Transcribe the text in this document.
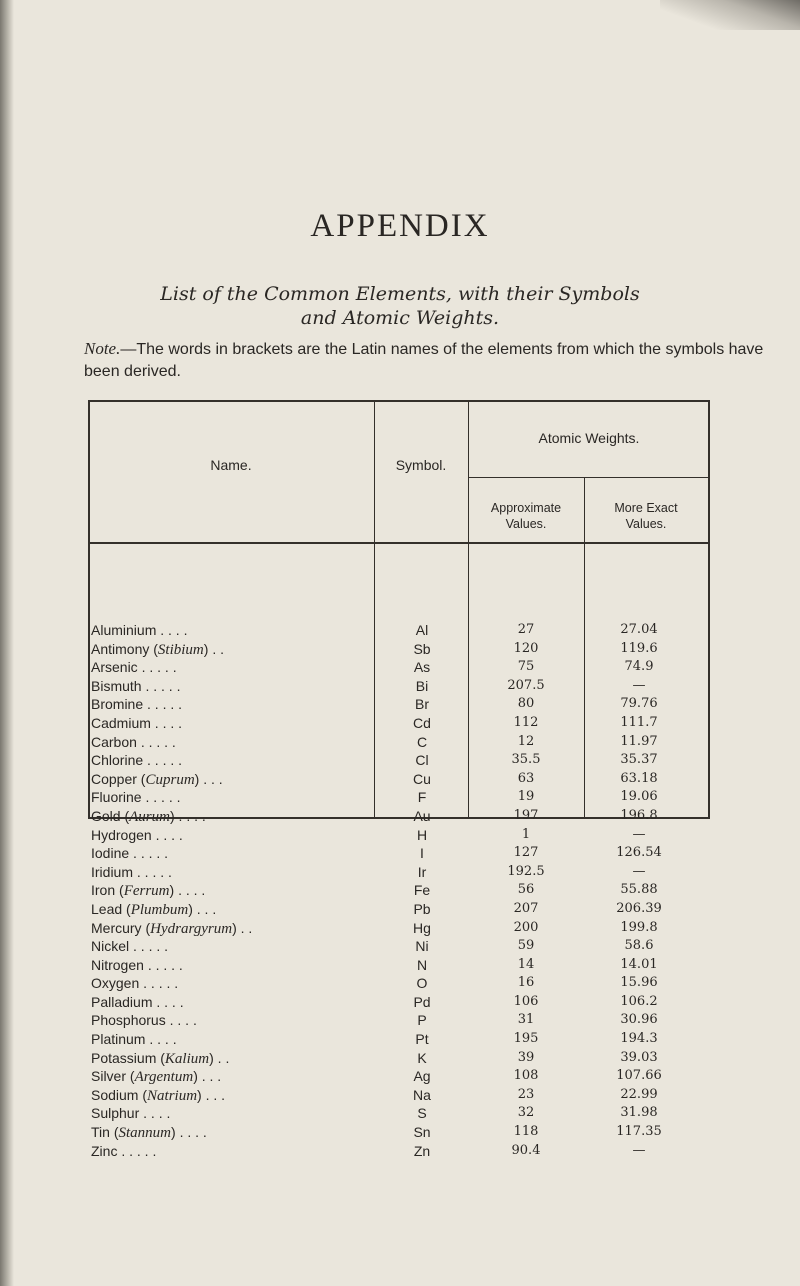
APPENDIX
List of the Common Elements, with their Symbols
and Atomic Weights.
Note.—The words in brackets are the Latin names of the elements from which the symbols have been derived.
Name.	Symbol.
Atomic Weights.
Approximate
Values.
More Exact
Values.
Aluminium . . . .	Al	27	27.04
Antimony (Stibium) . .	Sb	120	119.6
Arsenic . . . . .	As	75	74.9
Bismuth . . . . .	Bi	207.5	—
Bromine . . . . .	Br	80	79.76
Cadmium . . . .	Cd	112	111.7
Carbon . . . . .	C	12	11.97
Chlorine . . . . .	Cl	35.5	35.37
Copper (Cuprum) . . .	Cu	63	63.18
Fluorine . . . . .	F	19	19.06
Gold (Aurum) . . . .	Au	197	196.8
Hydrogen . . . .	H	1	—
Iodine . . . . .	I	127	126.54
Iridium . . . . .	Ir	192.5	—
Iron (Ferrum) . . . .	Fe	56	55.88
Lead (Plumbum) . . .	Pb	207	206.39
Mercury (Hydrargyrum) . .	Hg	200	199.8
Nickel . . . . .	Ni	59	58.6
Nitrogen . . . . .	N	14	14.01
Oxygen . . . . .	O	16	15.96
Palladium . . . .	Pd	106	106.2
Phosphorus . . . .	P	31	30.96
Platinum . . . .	Pt	195	194.3
Potassium (Kalium) . .	K	39	39.03
Silver (Argentum) . . .	Ag	108	107.66
Sodium (Natrium) . . .	Na	23	22.99
Sulphur . . . .	S	32	31.98
Tin (Stannum) . . . .	Sn	118	117.35
Zinc . . . . .	Zn	90.4	—
